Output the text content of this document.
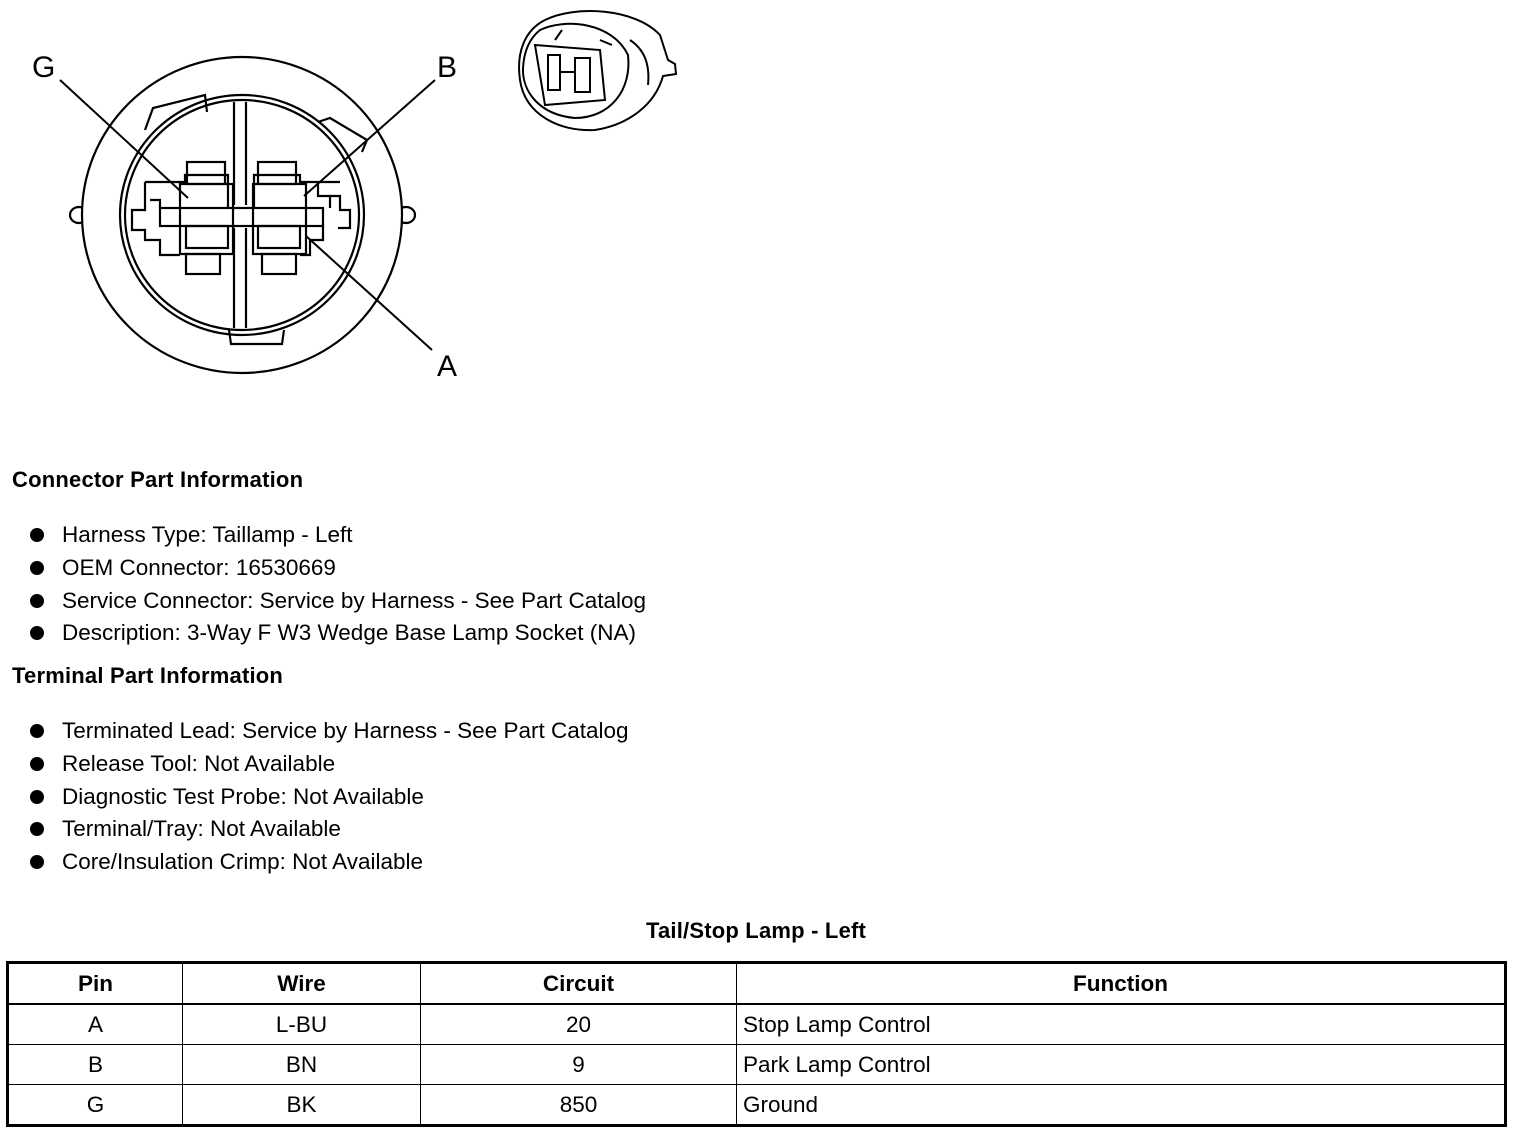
G	B
A
Connector Part Information
Harness Type: Taillamp - Left
OEM Connector: 16530669
Service Connector: Service by Harness - See Part Catalog
Description: 3-Way F W3 Wedge Base Lamp Socket (NA)
Terminal Part Information
Terminated Lead: Service by Harness - See Part Catalog
Release Tool: Not Available
Diagnostic Test Probe: Not Available
Terminal/Tray: Not Available
Core/Insulation Crimp: Not Available
Tail/Stop Lamp - Left
Pin	Wire	Circuit	Function
A	L-BU	20	Stop Lamp Control
B	BN	9	Park Lamp Control
G	BK	850	Ground
